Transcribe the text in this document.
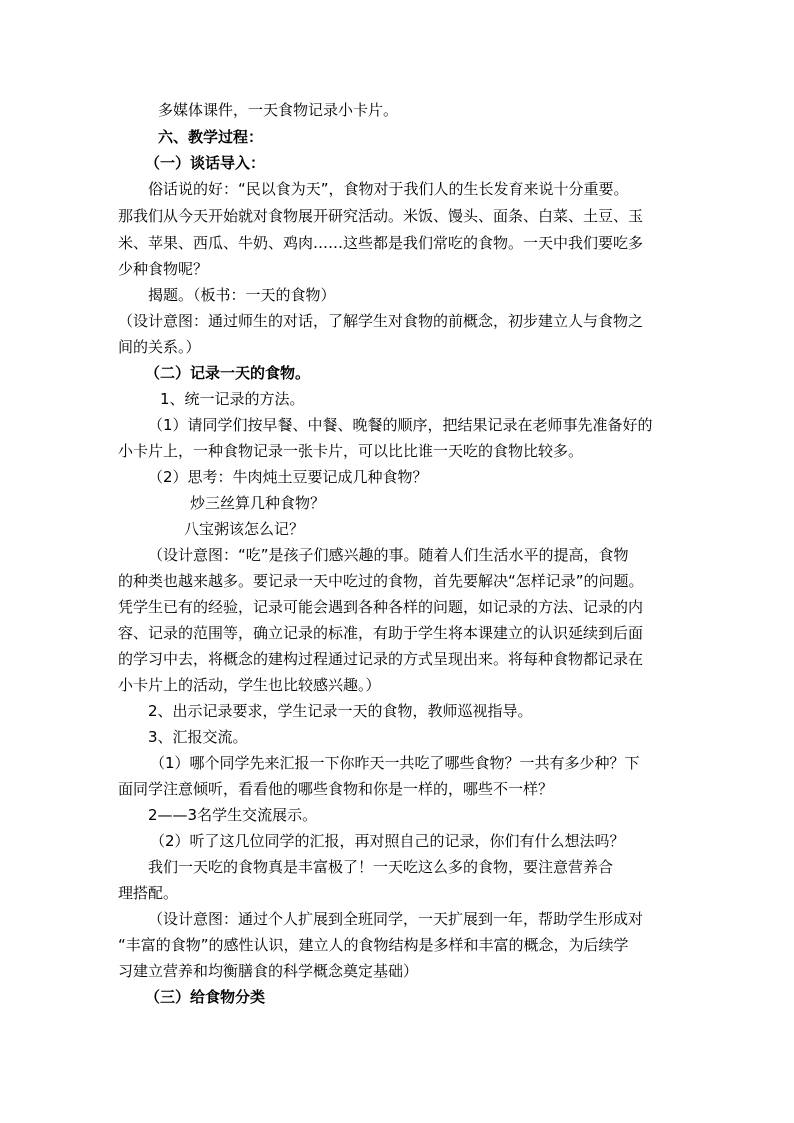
多媒体课件，一天食物记录小卡片。
六、教学过程：
（一）谈话导入：
俗话说的好：“民以食为天”，食物对于我们人的生长发育来说十分重要。
那我们从今天开始就对食物展开研究活动。米饭、馒头、面条、白菜、土豆、玉
米、苹果、西瓜、牛奶、鸡肉……这些都是我们常吃的食物。一天中我们要吃多
少种食物呢？
揭题。（板书：一天的食物）
（设计意图：通过师生的对话，了解学生对食物的前概念，初步建立人与食物之
间的关系。）
（二）记录一天的食物。
1、统一记录的方法。
（1）请同学们按早餐、中餐、晚餐的顺序，把结果记录在老师事先准备好的
小卡片上，一种食物记录一张卡片，可以比比谁一天吃的食物比较多。
（2）思考：牛肉炖土豆要记成几种食物？
炒三丝算几种食物？
八宝粥该怎么记？
（设计意图：“吃”是孩子们感兴趣的事。随着人们生活水平的提高，食物
的种类也越来越多。要记录一天中吃过的食物，首先要解决“怎样记录”的问题。
凭学生已有的经验，记录可能会遇到各种各样的问题，如记录的方法、记录的内
容、记录的范围等，确立记录的标准，有助于学生将本课建立的认识延续到后面
的学习中去，将概念的建构过程通过记录的方式呈现出来。将每种食物都记录在
小卡片上的活动，学生也比较感兴趣。）
2、出示记录要求，学生记录一天的食物，教师巡视指导。
3、汇报交流。
（1）哪个同学先来汇报一下你昨天一共吃了哪些食物？一共有多少种？下
面同学注意倾听，看看他的哪些食物和你是一样的，哪些不一样？
2——3名学生交流展示。
（2）听了这几位同学的汇报，再对照自己的记录，你们有什么想法吗？
我们一天吃的食物真是丰富极了！一天吃这么多的食物，要注意营养合
理搭配。
（设计意图：通过个人扩展到全班同学，一天扩展到一年，帮助学生形成对
“丰富的食物”的感性认识，建立人的食物结构是多样和丰富的概念，为后续学
习建立营养和均衡膳食的科学概念奠定基础）
（三）给食物分类
